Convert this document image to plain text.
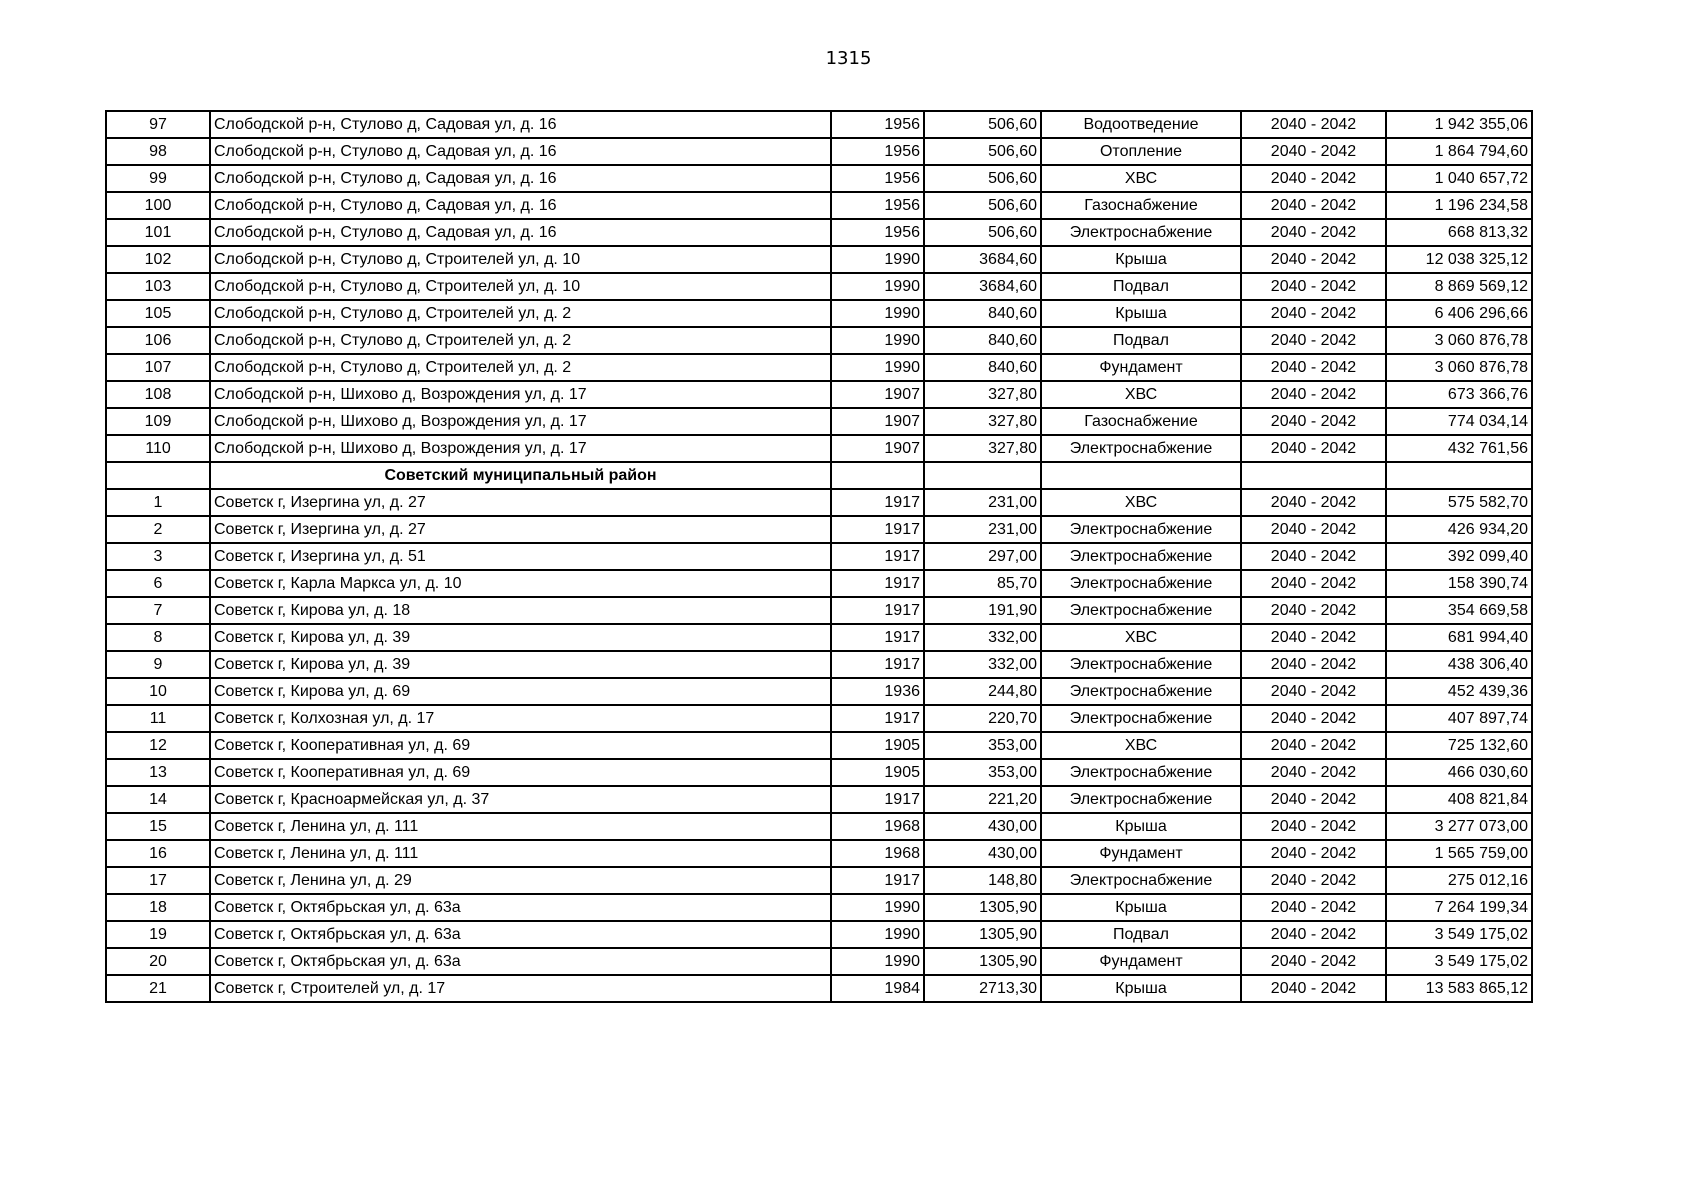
1315
97	Слободской р-н, Стулово д, Садовая ул, д. 16	1956	506,60	Водоотведение	2040 - 2042	1 942 355,06
98	Слободской р-н, Стулово д, Садовая ул, д. 16	1956	506,60	Отопление	2040 - 2042	1 864 794,60
99	Слободской р-н, Стулово д, Садовая ул, д. 16	1956	506,60	ХВС	2040 - 2042	1 040 657,72
100	Слободской р-н, Стулово д, Садовая ул, д. 16	1956	506,60	Газоснабжение	2040 - 2042	1 196 234,58
101	Слободской р-н, Стулово д, Садовая ул, д. 16	1956	506,60	Электроснабжение	2040 - 2042	668 813,32
102	Слободской р-н, Стулово д, Строителей ул, д. 10	1990	3684,60	Крыша	2040 - 2042	12 038 325,12
103	Слободской р-н, Стулово д, Строителей ул, д. 10	1990	3684,60	Подвал	2040 - 2042	8 869 569,12
105	Слободской р-н, Стулово д, Строителей ул, д. 2	1990	840,60	Крыша	2040 - 2042	6 406 296,66
106	Слободской р-н, Стулово д, Строителей ул, д. 2	1990	840,60	Подвал	2040 - 2042	3 060 876,78
107	Слободской р-н, Стулово д, Строителей ул, д. 2	1990	840,60	Фундамент	2040 - 2042	3 060 876,78
108	Слободской р-н, Шихово д, Возрождения ул, д. 17	1907	327,80	ХВС	2040 - 2042	673 366,76
109	Слободской р-н, Шихово д, Возрождения ул, д. 17	1907	327,80	Газоснабжение	2040 - 2042	774 034,14
110	Слободской р-н, Шихово д, Возрождения ул, д. 17	1907	327,80	Электроснабжение	2040 - 2042	432 761,56
	Советский муниципальный район					
1	Советск г, Изергина ул, д. 27	1917	231,00	ХВС	2040 - 2042	575 582,70
2	Советск г, Изергина ул, д. 27	1917	231,00	Электроснабжение	2040 - 2042	426 934,20
3	Советск г, Изергина ул, д. 51	1917	297,00	Электроснабжение	2040 - 2042	392 099,40
6	Советск г, Карла Маркса ул, д. 10	1917	85,70	Электроснабжение	2040 - 2042	158 390,74
7	Советск г, Кирова ул, д. 18	1917	191,90	Электроснабжение	2040 - 2042	354 669,58
8	Советск г, Кирова ул, д. 39	1917	332,00	ХВС	2040 - 2042	681 994,40
9	Советск г, Кирова ул, д. 39	1917	332,00	Электроснабжение	2040 - 2042	438 306,40
10	Советск г, Кирова ул, д. 69	1936	244,80	Электроснабжение	2040 - 2042	452 439,36
11	Советск г, Колхозная ул, д. 17	1917	220,70	Электроснабжение	2040 - 2042	407 897,74
12	Советск г, Кооперативная ул, д. 69	1905	353,00	ХВС	2040 - 2042	725 132,60
13	Советск г, Кооперативная ул, д. 69	1905	353,00	Электроснабжение	2040 - 2042	466 030,60
14	Советск г, Красноармейская ул, д. 37	1917	221,20	Электроснабжение	2040 - 2042	408 821,84
15	Советск г, Ленина ул, д. 111	1968	430,00	Крыша	2040 - 2042	3 277 073,00
16	Советск г, Ленина ул, д. 111	1968	430,00	Фундамент	2040 - 2042	1 565 759,00
17	Советск г, Ленина ул, д. 29	1917	148,80	Электроснабжение	2040 - 2042	275 012,16
18	Советск г, Октябрьская ул, д. 63а	1990	1305,90	Крыша	2040 - 2042	7 264 199,34
19	Советск г, Октябрьская ул, д. 63а	1990	1305,90	Подвал	2040 - 2042	3 549 175,02
20	Советск г, Октябрьская ул, д. 63а	1990	1305,90	Фундамент	2040 - 2042	3 549 175,02
21	Советск г, Строителей ул, д. 17	1984	2713,30	Крыша	2040 - 2042	13 583 865,12
